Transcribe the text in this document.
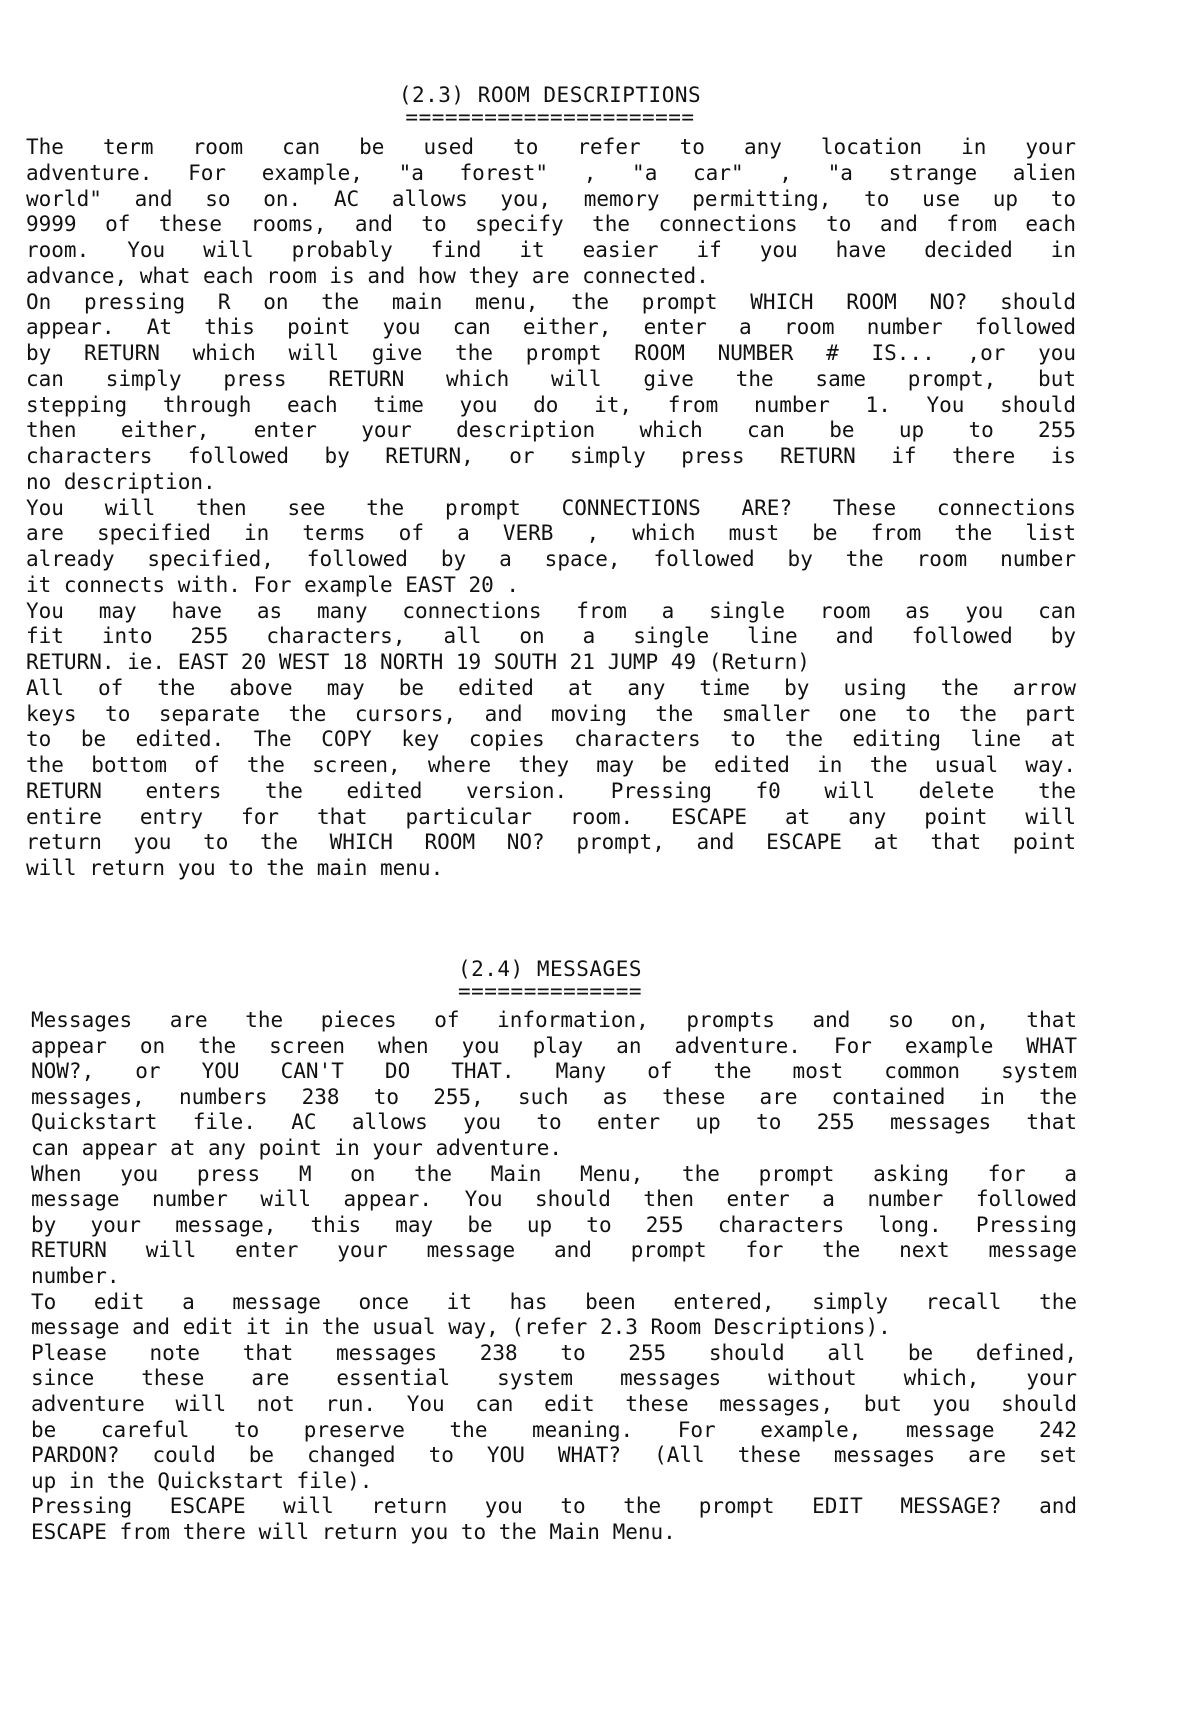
(2.3) ROOM DESCRIPTIONS
======================
The term room can be used to refer to any location in your
adventure. For example, "a forest" , "a car" , "a strange alien
world" and so on. AC allows you, memory permitting, to use up to
9999 of these rooms, and to specify the connections to and from each
room. You will probably find it easier if you have decided in
advance, what each room is and how they are connected.
On pressing R on the main menu, the prompt WHICH ROOM NO? should
appear. At this point you can either, enter a room number followed
by RETURN which will give the prompt ROOM NUMBER # IS... ,or you
can simply press RETURN which will give the same prompt, but
stepping through each time you do it, from number 1. You should
then either, enter your description which can be up to 255
characters followed by RETURN, or simply press RETURN if there is
no description.
You will then see the prompt CONNECTIONS ARE? These connections
are specified in terms of a VERB , which must be from the list
already specified, followed by a space, followed by the room number
it connects with. For example EAST 20 .
You may have as many connections from a single room as you can
fit into 255 characters, all on a single line and followed by
RETURN. ie. EAST 20 WEST 18 NORTH 19 SOUTH 21 JUMP 49 (Return)
All of the above may be edited at any time by using the arrow
keys to separate the cursors, and moving the smaller one to the part
to be edited. The COPY key copies characters to the editing line at
the bottom of the screen, where they may be edited in the usual way.
RETURN enters the edited version. Pressing f0 will delete the
entire entry for that particular room. ESCAPE at any point will
return you to the WHICH ROOM NO? prompt, and ESCAPE at that point
will return you to the main menu.
(2.4) MESSAGES
==============
Messages are the pieces of information, prompts and so on, that
appear on the screen when you play an adventure. For example WHAT
NOW?, or YOU CAN'T DO THAT. Many of the most common system
messages, numbers 238 to 255, such as these are contained in the
Quickstart file. AC allows you to enter up to 255 messages that
can appear at any point in your adventure.
When you press M on the Main Menu, the prompt asking for a
message number will appear. You should then enter a number followed
by your message, this may be up to 255 characters long. Pressing
RETURN will enter your message and prompt for the next message
number.
To edit a message once it has been entered, simply recall the
message and edit it in the usual way, (refer 2.3 Room Descriptions).
Please note that messages 238 to 255 should all be defined,
since these are essential system messages without which, your
adventure will not run. You can edit these messages, but you should
be careful to preserve the meaning. For example, message 242
PARDON? could be changed to YOU WHAT? (All these messages are set
up in the Quickstart file).
Pressing ESCAPE will return you to the prompt EDIT MESSAGE? and
ESCAPE from there will return you to the Main Menu.
